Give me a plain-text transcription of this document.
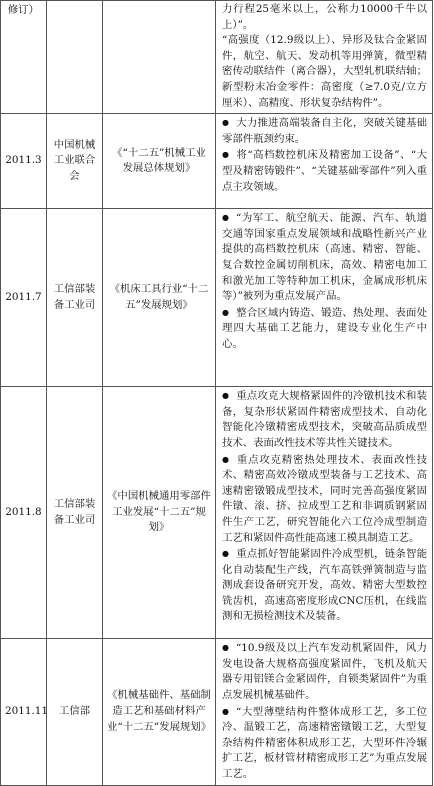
修订）			力行程25毫米以上，公称力10000千牛以上）”。

“高强度（12.9级以上）、异形及钛合金紧固件，航空、航天、发动机等用弹簧，微型精密传动联结件（离合器），大型轧机联结轴；新型粉末冶金零件：高密度（≥7.0克/立方厘米）、高精度、形状复杂结构件”。

2011.3	中国机械工业联合会	《“十二五”机械工业发展总体规划》	● 大力推进高端装备自主化，突破关键基础零部件瓶颈约束。

● 将“高档数控机床及精密加工设备”、“大型及精密铸锻件”、“关键基础零部件”列入重点主攻领域。

2011.7	工信部装备工业司	《机床工具行业“十二五”发展规划》	● “为军工、航空航天、能源、汽车、轨道交通等国家重点发展领域和战略性新兴产业提供的高档数控机床（高速、精密、智能、复合数控金属切削机床，高效、精密电加工和激光加工等特种加工机床，金属成形机床等）”被列为重点发展产品。

● 整合区域内铸造、锻造、热处理、表面处理四大基础工艺能力，建设专业化生产中心。

2011.8	工信部装备工业司	《中国机械通用零部件工业发展“十二五”规划》	● 重点攻克大规格紧固件的冷镦机技术和装备，复杂形状紧固件精密成型技术、自动化智能化冷镦精密成型技术，突破高品质成型技术、表面改性技术等共性关键技术。

● 重点攻克精密热处理技术、表面改性技术、精密高效冷镦成型装备与工艺技术、高速精密镦锻成型技术，同时完善高强度紧固件镦、滚、挤、拉成型工艺和非调质钢紧固件生产工艺，研究智能化六工位冷成型制造工艺和紧固件高性能高速工模具制造工艺。

● 重点抓好智能紧固件冷成型机，链条智能化自动装配生产线，汽车高铁弹簧制造与监测成套设备研究开发，高效、精密大型数控铣齿机，高速高密度形成CNC压机，在线监测和无损检测技术及装备。

2011.11	工信部	《机械基础件、基础制造工艺和基础材料产业“十二五”发展规划》	● “10.9级及以上汽车发动机紧固件，风力发电设备大规格高强度紧固件，飞机及航天器专用铝镁合金紧固件，自锁类紧固件”为重点发展机械基础件。

● “大型薄壁结构件整体成形工艺，多工位冷、温锻工艺，高速精密镦锻工艺，大型复杂结构件精密体积成形工艺，大型环件冷辗扩工艺，板材管材精密成形工艺”为重点发展工艺。
